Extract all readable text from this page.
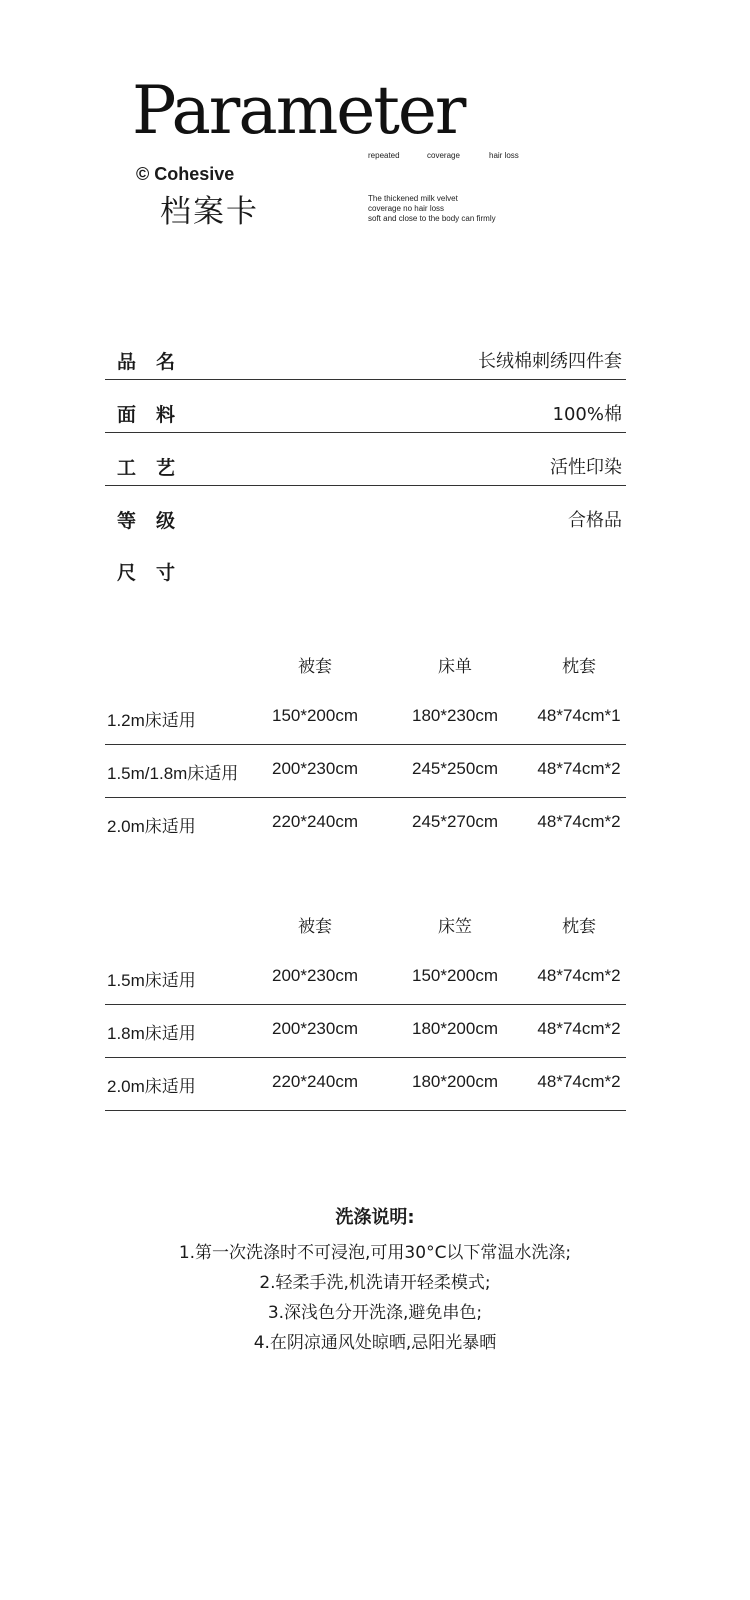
Parameter
repeated	coverage	hair loss
© Cohesive
档案卡	The thickened milk velvet
coverage no hair loss
soft and close to the body can firmly
品名	长绒棉刺绣四件套
面料	100%棉
工艺	活性印染
等级	合格品
尺寸
被套	床单	枕套
1.2m床适用	150*200cm	180*230cm 48*74cm*1
1.5m/1.8m床适用 200*230cm	245*250cm 48*74cm*2
2.0m床适用	220*240cm	245*270cm 48*74cm*2
被套	床笠	枕套
1.5m床适用	200*230cm	150*200cm 48*74cm*2
1.8m床适用	200*230cm	180*200cm 48*74cm*2
2.0m床适用	220*240cm	180*200cm 48*74cm*2
洗涤说明:
1.第一次洗涤时不可浸泡,可用30°C以下常温水洗涤;
2.轻柔手洗,机洗请开轻柔模式;
3.深浅色分开洗涤,避免串色;
4.在阴凉通风处晾晒,忌阳光暴晒
